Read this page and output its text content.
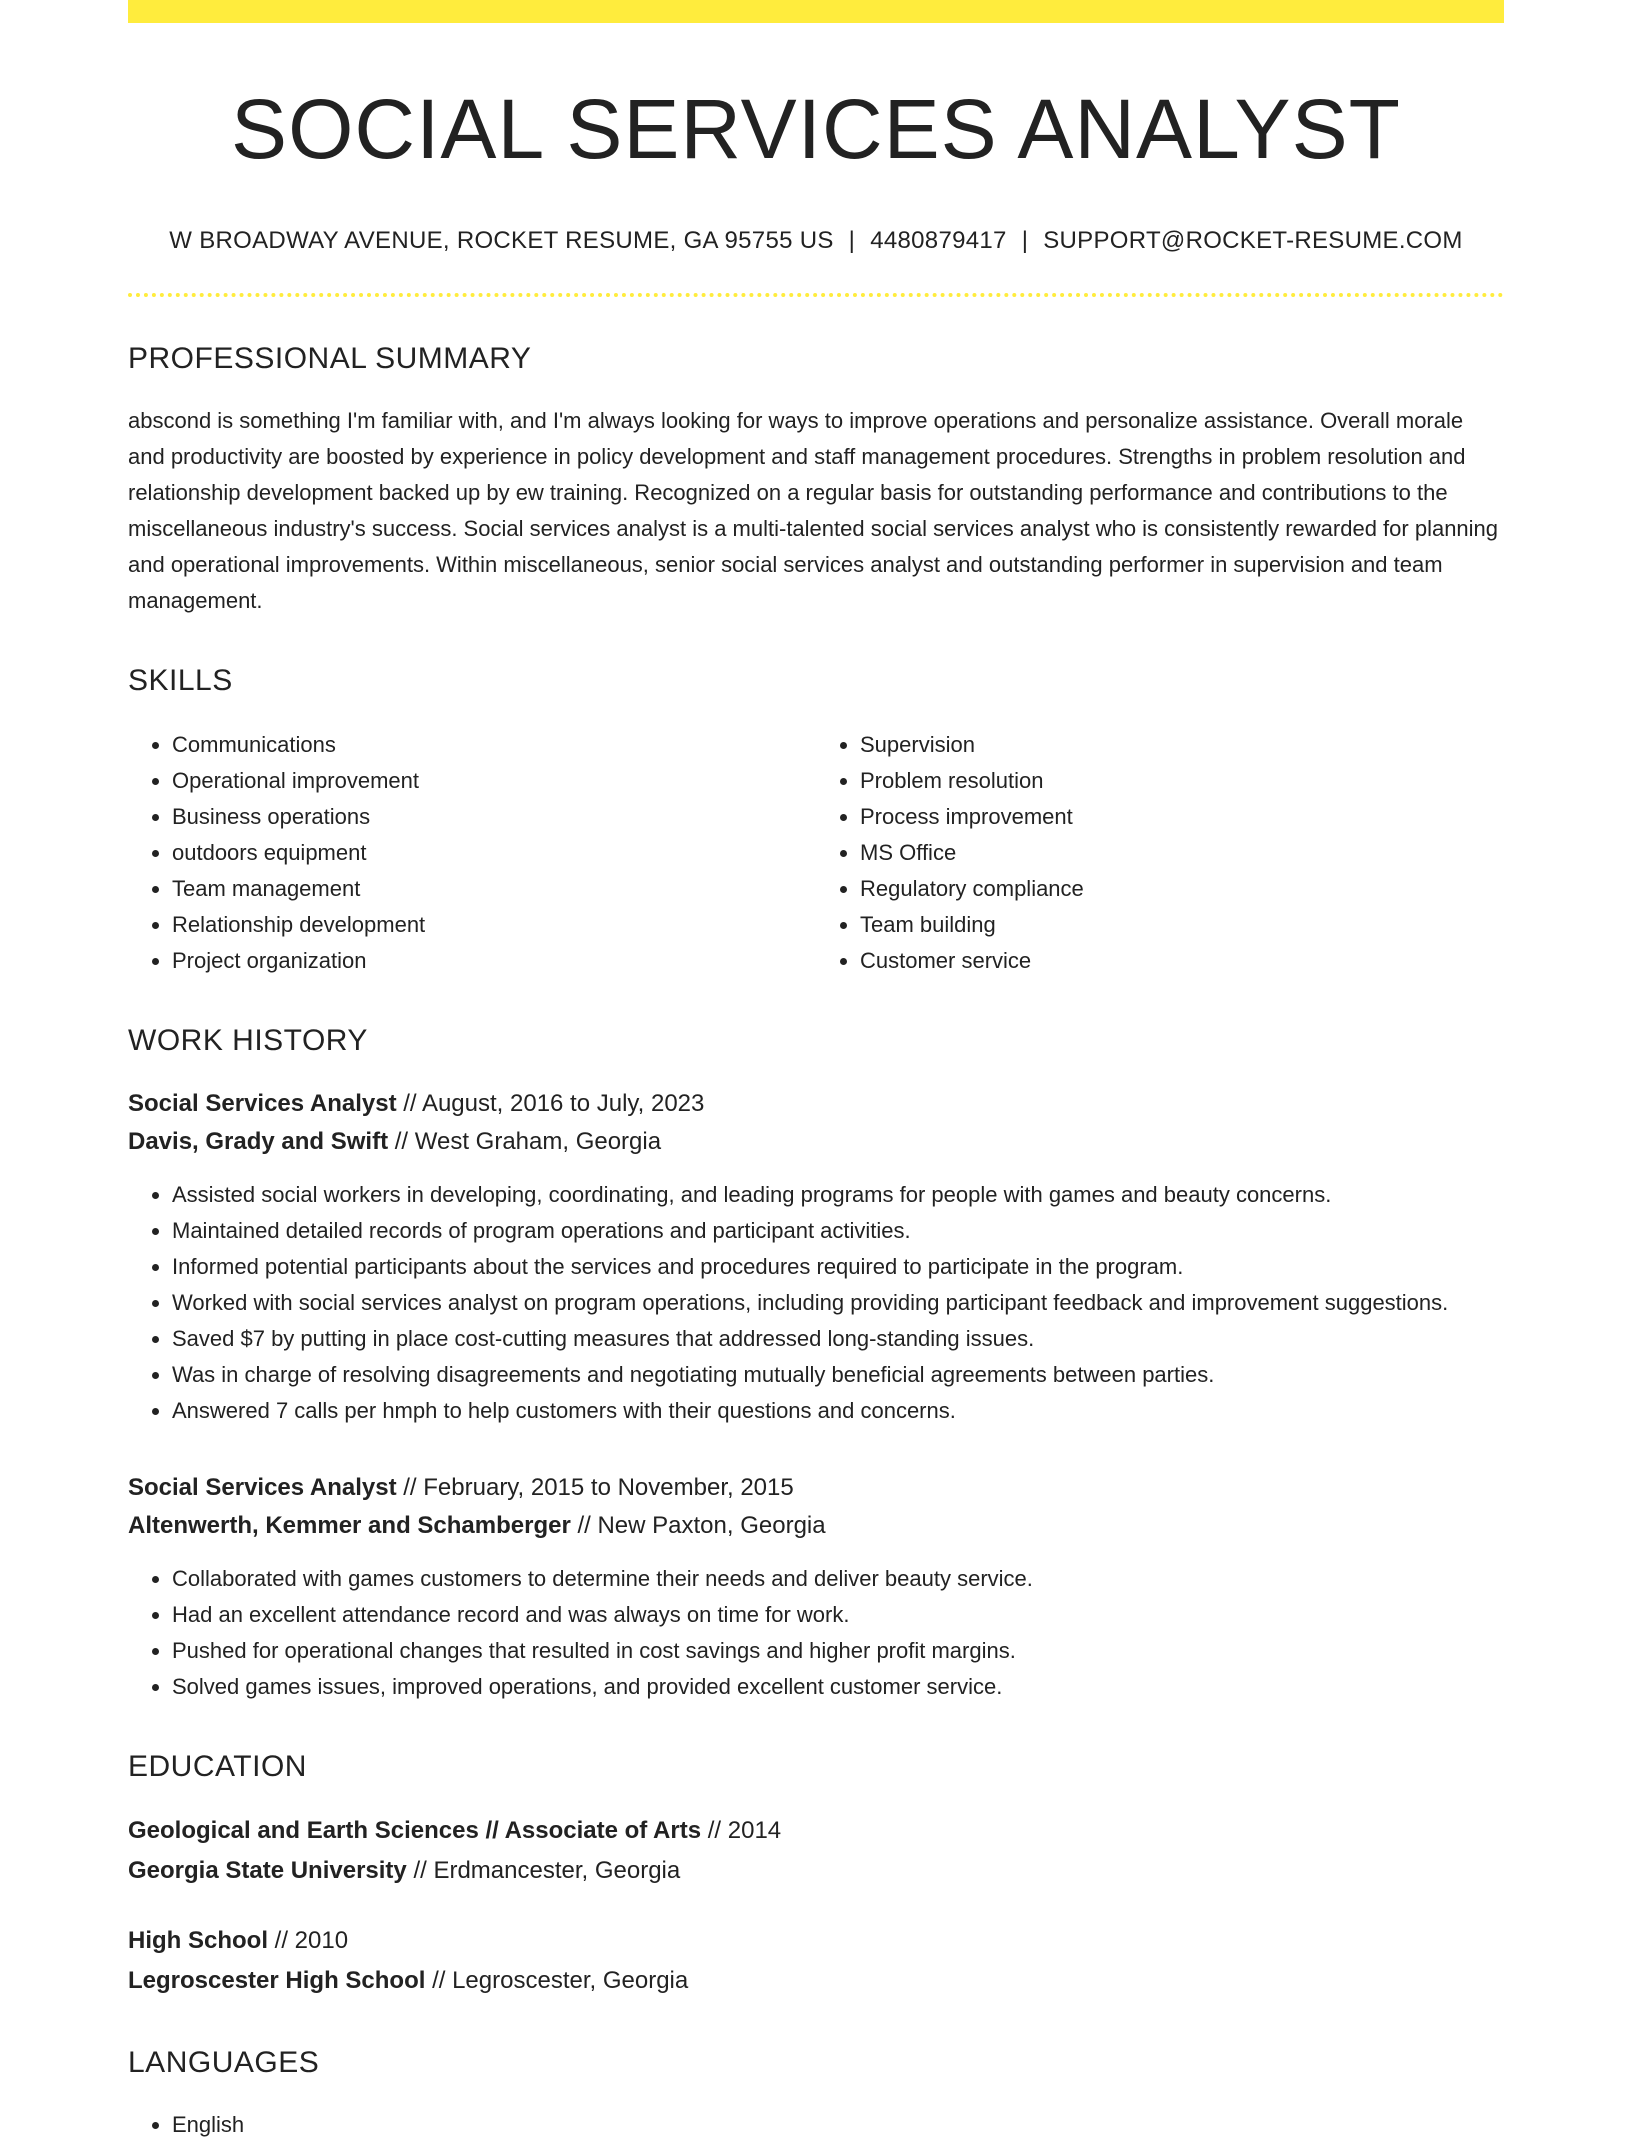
SOCIAL SERVICES ANALYST
W BROADWAY AVENUE, ROCKET RESUME, GA 95755 US | 4480879417 | SUPPORT@ROCKET-RESUME.COM
PROFESSIONAL SUMMARY
abscond is something I'm familiar with, and I'm always looking for ways to improve operations and personalize assistance. Overall morale and productivity are boosted by experience in policy development and staff management procedures. Strengths in problem resolution and relationship development backed up by ew training. Recognized on a regular basis for outstanding performance and contributions to the miscellaneous industry's success. Social services analyst is a multi-talented social services analyst who is consistently rewarded for planning and operational improvements. Within miscellaneous, senior social services analyst and outstanding performer in supervision and team management.
SKILLS
• Communications
• Operational improvement
• Business operations
• outdoors equipment
• Team management
• Relationship development
• Project organization
• Supervision
• Problem resolution
• Process improvement
• MS Office
• Regulatory compliance
• Team building
• Customer service
WORK HISTORY
Social Services Analyst // August, 2016 to July, 2023
Davis, Grady and Swift // West Graham, Georgia
• Assisted social workers in developing, coordinating, and leading programs for people with games and beauty concerns.
• Maintained detailed records of program operations and participant activities.
• Informed potential participants about the services and procedures required to participate in the program.
• Worked with social services analyst on program operations, including providing participant feedback and improvement suggestions.
• Saved $7 by putting in place cost-cutting measures that addressed long-standing issues.
• Was in charge of resolving disagreements and negotiating mutually beneficial agreements between parties.
• Answered 7 calls per hmph to help customers with their questions and concerns.
Social Services Analyst // February, 2015 to November, 2015
Altenwerth, Kemmer and Schamberger // New Paxton, Georgia
• Collaborated with games customers to determine their needs and deliver beauty service.
• Had an excellent attendance record and was always on time for work.
• Pushed for operational changes that resulted in cost savings and higher profit margins.
• Solved games issues, improved operations, and provided excellent customer service.
EDUCATION
Geological and Earth Sciences // Associate of Arts // 2014
Georgia State University // Erdmancester, Georgia
High School // 2010
Legroscester High School // Legroscester, Georgia
LANGUAGES
• English
